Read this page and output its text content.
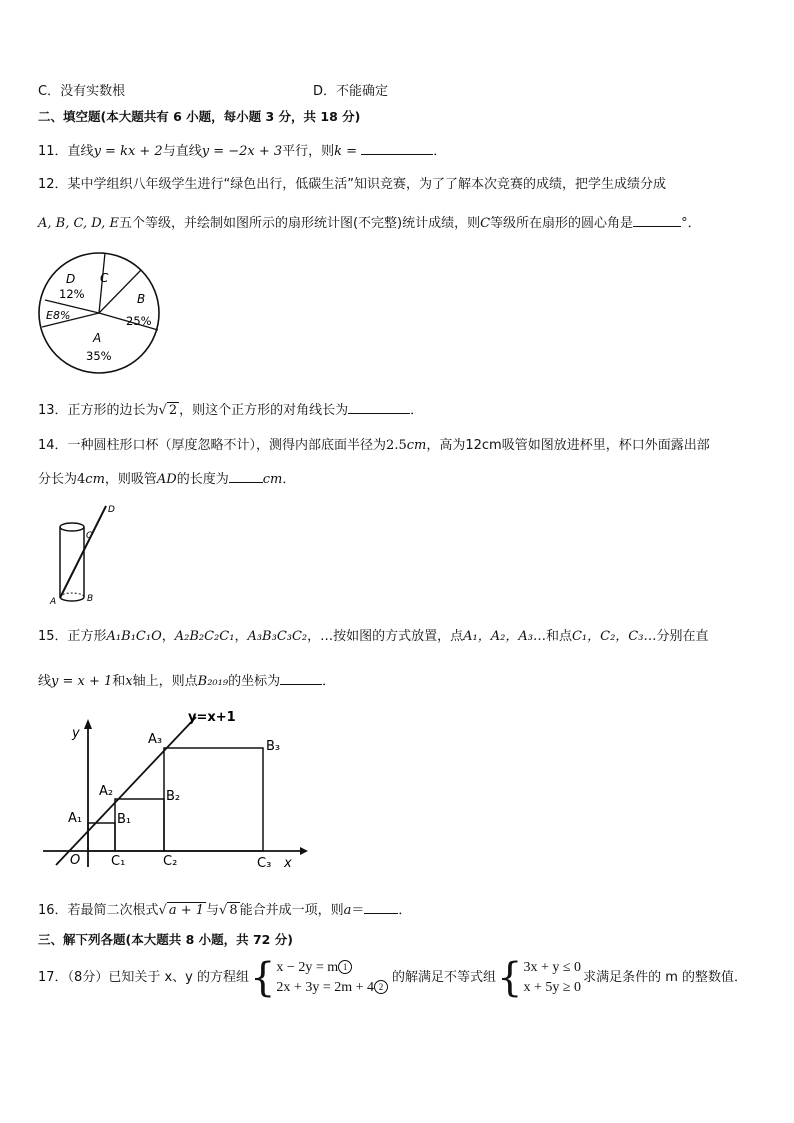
C．没有实数根	D．不能确定
二、填空题(本大题共有 6 小题，每小题 3 分，共 18 分)
11．直线y = kx + 2与直线y = −2x + 3平行，则k =	．
12．某中学组织八年级学生进行“绿色出行，低碳生活”知识竞赛，为了了解本次竞赛的成绩，把学生成绩分成
A, B, C, D, E五个等级，并绘制如图所示的扇形统计图(不完整)统计成绩，则C等级所在扇形的圆心角是	°．
D
12%
C
B
25%
E8%
A
35%
13．正方形的边长为√ 2 ，则这个正方形的对角线长为	．
14．一种圆柱形口杯（厚度忽略不计），测得内部底面半径为2.5cm，高为12cm吸管如图放进杯里，杯口外面露出部
分长为4cm，则吸管AD的长度为	cm．
D
C
A	B
15．正方形A₁B₁C₁O，A₂B₂C₂C₁，A₃B₃C₃C₂，…按如图的方式放置，点A₁，A₂，A₃…和点C₁，C₂，C₃…分别在直
线y = x + 1和x轴上，则点B₂₀₁₉的坐标为	．
y=x+1
y
x
O
A₁
A₂
A₃
B₁
B₂
B₃
C₁	C₂	C₃
16．若最简二次根式√ a + 1 与√ 8 能合并成一项，则a＝	．
三、解下列各题(本大题共 8 小题，共 72 分)
17．（8分）已知关于 x、y 的方程组 { x − 2y = m 1
2x + 3y = 2m + 4 2
的解满足不等式组 { 3x + y ≤ 0
x + 5y ≥ 0
求满足条件的 m 的整数值．
